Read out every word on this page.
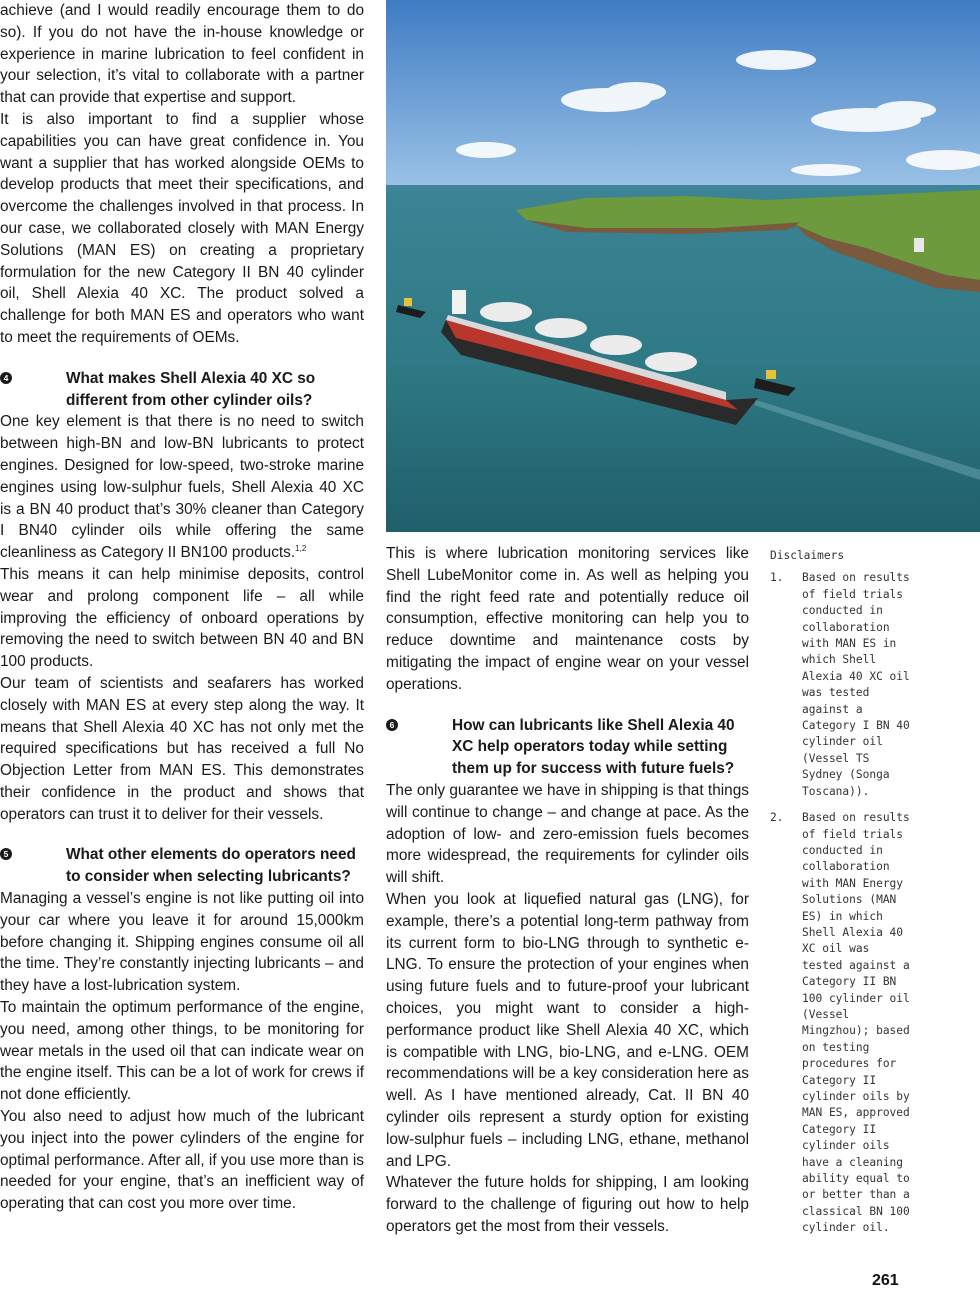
achieve (and I would readily encourage them to do so). If you do not have the in-house knowledge or experience in marine lubrication to feel confident in your selection, it’s vital to collaborate with a partner that can provide that expertise and support.

It is also important to find a supplier whose capabilities you can have great confidence in. You want a supplier that has worked alongside OEMs to develop products that meet their specifications, and overcome the challenges involved in that process. In our case, we collaborated closely with MAN Energy Solutions (MAN ES) on creating a proprietary formulation for the new Category II BN 40 cylinder oil, Shell Alexia 40 XC. The product solved a challenge for both MAN ES and operators who want to meet the requirements of OEMs.

4	What makes Shell Alexia 40 XC so different from other cylinder oils?

One key element is that there is no need to switch between high-BN and low-BN lubricants to protect engines. Designed for low-speed, two-stroke marine engines using low-sulphur fuels, Shell Alexia 40 XC is a BN 40 product that’s 30% cleaner than Category I BN40 cylinder oils while offering the same cleanliness as Category II BN100 products.$^{1,2}$

This means it can help minimise deposits, control wear and prolong component life – all while improving the efficiency of onboard operations by removing the need to switch between BN 40 and BN 100 products.

Our team of scientists and seafarers has worked closely with MAN ES at every step along the way. It means that Shell Alexia 40 XC has not only met the required specifications but has received a full No Objection Letter from MAN ES. This demonstrates their confidence in the product and shows that operators can trust it to deliver for their vessels.

5	What other elements do operators need to consider when selecting lubricants?

Managing a vessel’s engine is not like putting oil into your car where you leave it for around 15,000km before changing it. Shipping engines consume oil all the time. They’re constantly injecting lubricants – and they have a lost-lubrication system.

To maintain the optimum performance of the engine, you need, among other things, to be monitoring for wear metals in the used oil that can indicate wear on the engine itself. This can be a lot of work for crews if not done efficiently.

You also need to adjust how much of the lubricant you inject into the power cylinders of the engine for optimal performance. After all, if you use more than is needed for your engine, that’s an inefficient way of operating that can cost you more over time.

This is where lubrication monitoring services like Shell LubeMonitor come in. As well as helping you find the right feed rate and potentially reduce oil consumption, effective monitoring can help you to reduce downtime and maintenance costs by mitigating the impact of engine wear on your vessel operations.

6	How can lubricants like Shell Alexia 40 XC help operators today while setting them up for success with future fuels?

The only guarantee we have in shipping is that things will continue to change – and change at pace. As the adoption of low- and zero-emission fuels becomes more widespread, the requirements for cylinder oils will shift.

When you look at liquefied natural gas (LNG), for example, there’s a potential long-term pathway from its current form to bio-LNG through to synthetic e-LNG. To ensure the protection of your engines when using future fuels and to future-proof your lubricant choices, you might want to consider a high-performance product like Shell Alexia 40 XC, which is compatible with LNG, bio-LNG, and e-LNG. OEM recommendations will be a key consideration here as well. As I have mentioned already, Cat. II BN 40 cylinder oils represent a sturdy option for existing low-sulphur fuels – including LNG, ethane, methanol and LPG.

Whatever the future holds for shipping, I am looking forward to the challenge of figuring out how to help operators get the most from their vessels.

Disclaimers
1.	Based on results of field trials conducted in collaboration with MAN ES in which Shell Alexia 40 XC oil was tested against a Category I BN 40 cylinder oil (Vessel TS Sydney (Songa Toscana)).
2.	Based on results of field trials conducted in collaboration with MAN Energy Solutions (MAN ES) in which Shell Alexia 40 XC oil was tested against a Category II BN 100 cylinder oil (Vessel Mingzhou); based on testing procedures for Category II cylinder oils by MAN ES, approved Category II cylinder oils have a cleaning ability equal to or better than a classical BN 100 cylinder oil.
261
